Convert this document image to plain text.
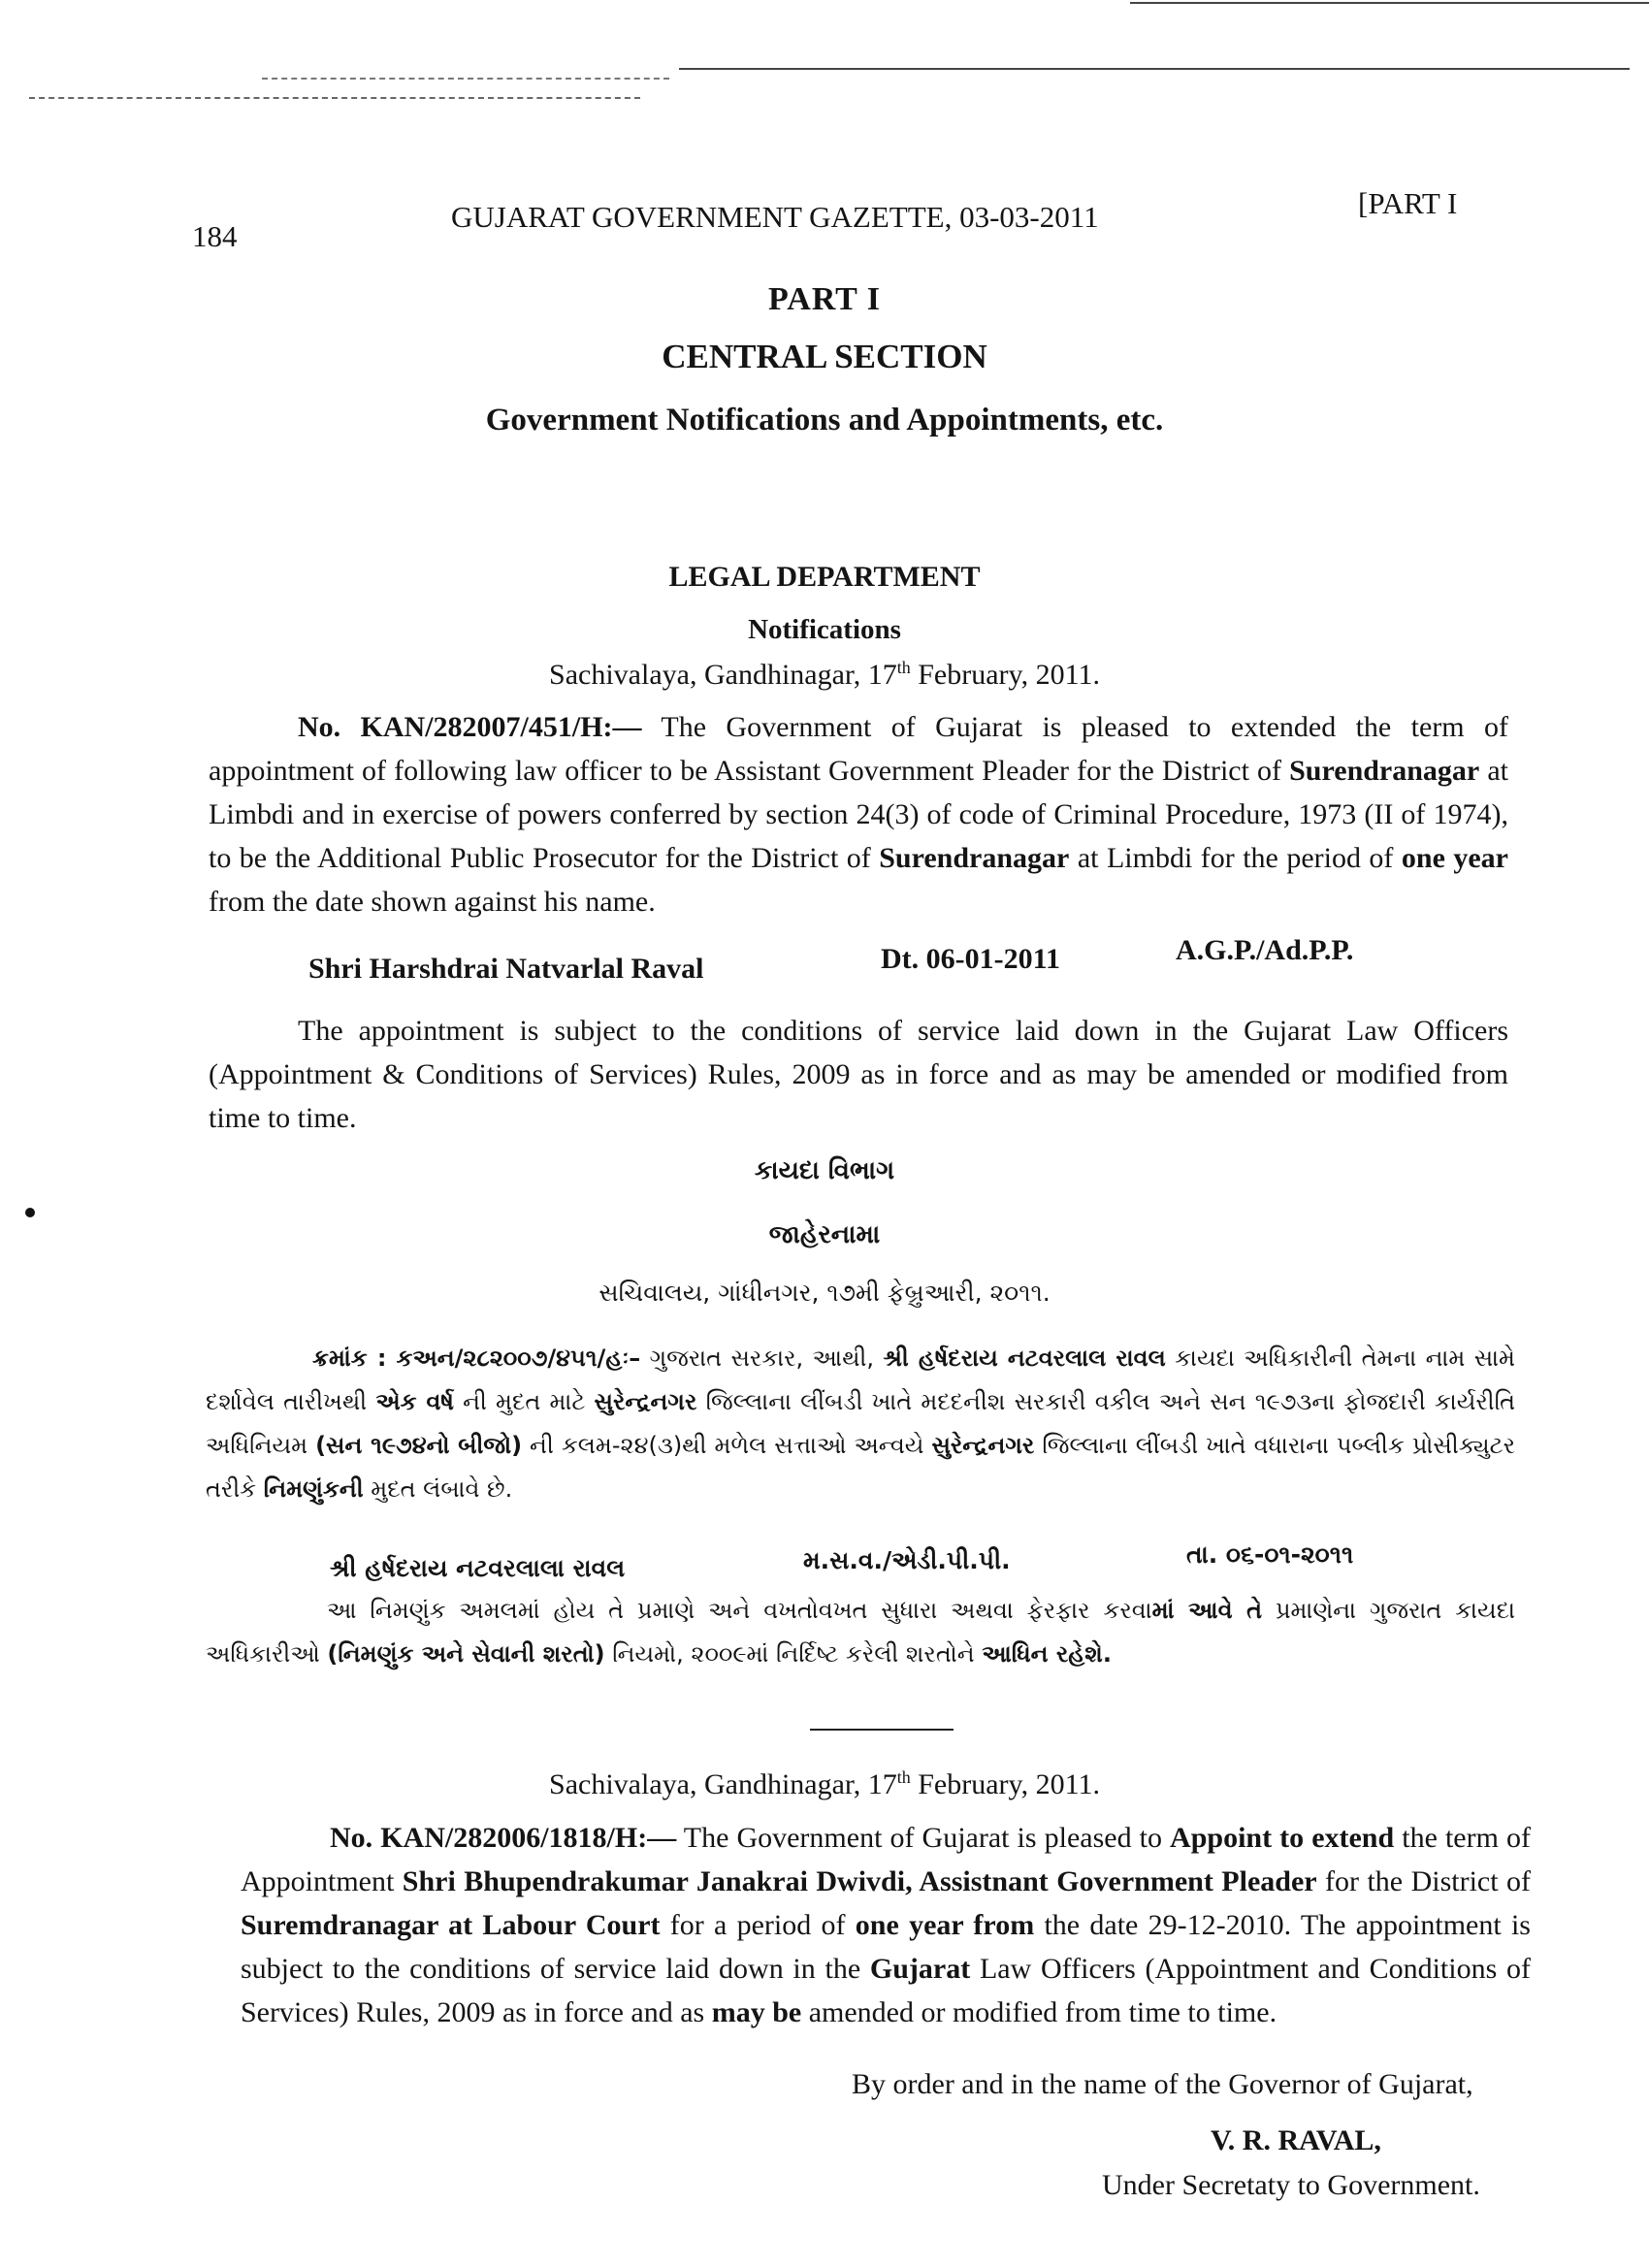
184
GUJARAT GOVERNMENT GAZETTE, 03-03-2011	[PART I
PART I
CENTRAL SECTION
Government Notifications and Appointments, etc.
LEGAL DEPARTMENT
Notifications
Sachivalaya, Gandhinagar, 17th February, 2011.
No. KAN/282007/451/H:— The Government of Gujarat is pleased to extended the term of appointment of following law officer to be Assistant Government Pleader for the District of Surendranagar at Limbdi and in exercise of powers conferred by section 24(3) of code of Criminal Procedure, 1973 (II of 1974), to be the Additional Public Prosecutor for the District of Surendranagar at Limbdi for the period of one year from the date shown against his name.
Shri Harshdrai Natvarlal Raval	Dt. 06-01-2011	A.G.P./Ad.P.P.
The appointment is subject to the conditions of service laid down in the Gujarat Law Officers (Appointment & Conditions of Services) Rules, 2009 as in force and as may be amended or modified from time to time.
કાયદા વિભાગ
જાહેરનામા
સચિવાલય, ગાંધીનગર, ૧૭મી ફેબ્રુઆરી, ૨૦૧૧.
ક્રમાંક : કઅન/૨૮૨૦૦૭/૪૫૧/હઃ– ગુજરાત સરકાર, આથી, શ્રી હર્ષદરાય નટવરલાલ રાવલ કાયદા અધિકારીની તેમના નામ સામે દર્શાવેલ તારીખથી એક વર્ષ ની મુદત માટે સુરેન્દ્રનગર જિલ્લાના લીંબડી ખાતે મદદનીશ સરકારી વકીલ અને સન ૧૯૭૩ના ફોજદારી કાર્યરીતિ અધિનિયમ (સન ૧૯૭૪નો બીજો) ની કલમ-૨૪(૩)થી મળેલ સત્તાઓ અન્વયે સુરેન્દ્રનગર જિલ્લાના લીંબડી ખાતે વધારાના પબ્લીક પ્રોસીક્યુટર તરીકે નિમણુંકની મુદત લંબાવે છે.
શ્રી હર્ષદરાય નટવરલાલા રાવલ	મ.સ.વ./એડી.પી.પી.	તા. ૦૬-૦૧-૨૦૧૧
આ નિમણુંક અમલમાં હોય તે પ્રમાણે અને વખતોવખત સુધારા અથવા ફેરફાર કરવામાં આવે તે પ્રમાણેના ગુજરાત કાયદા અધિકારીઓ (નિમણુંક અને સેવાની શરતો) નિયમો, ૨૦૦૯માં નિર્દિષ્ટ કરેલી શરતોને આધિન રહેશે.
Sachivalaya, Gandhinagar, 17th February, 2011.
No. KAN/282006/1818/H:— The Government of Gujarat is pleased to Appoint to extend the term of Appointment Shri Bhupendrakumar Janakrai Dwivdi, Assistnant Government Pleader for the District of Suremdranagar at Labour Court for a period of one year from the date 29-12-2010. The appointment is subject to the conditions of service laid down in the Gujarat Law Officers (Appointment and Conditions of Services) Rules, 2009 as in force and as may be amended or modified from time to time.
By order and in the name of the Governor of Gujarat,
V. R. RAVAL,
Under Secretaty to Government.
